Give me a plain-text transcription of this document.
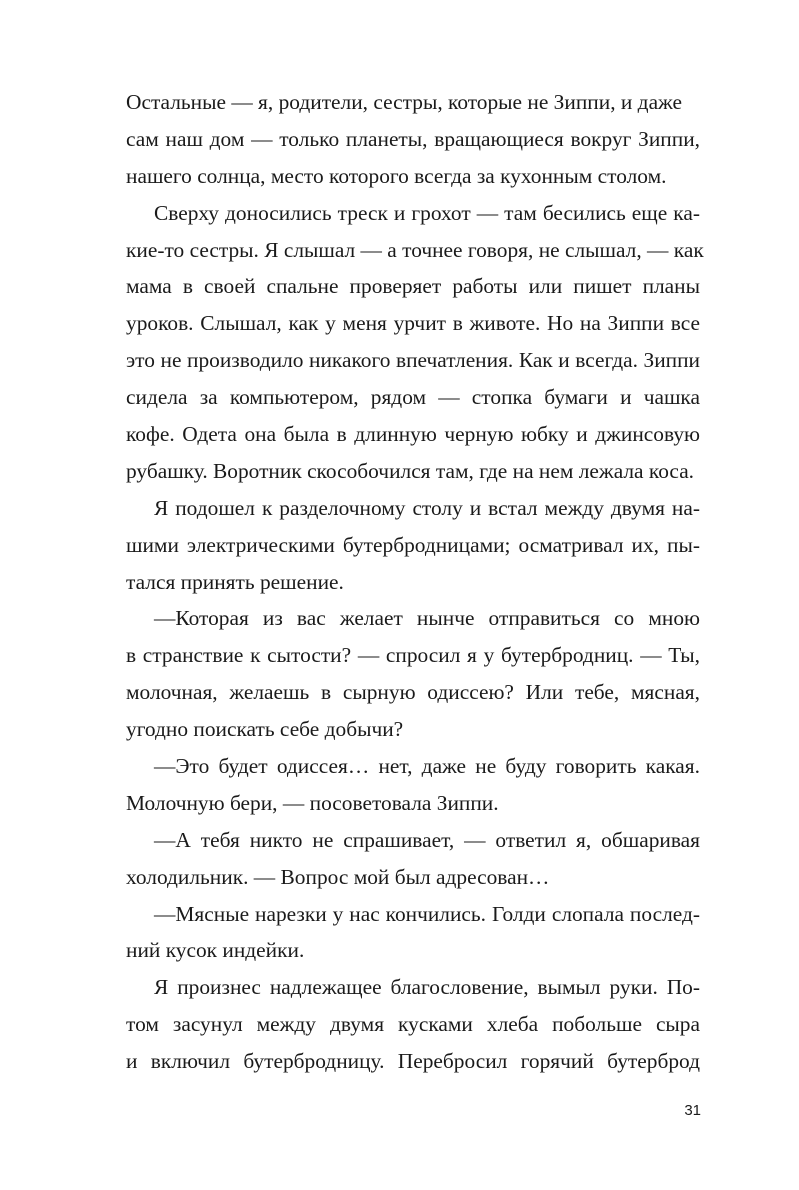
Остальные — я, родители, сестры, которые не Зиппи, и даже
сам наш дом — только планеты, вращающиеся вокруг Зиппи,
нашего солнца, место которого всегда за кухонным столом.
Сверху доносились треск и грохот — там бесились еще ка-
кие-то сестры. Я слышал — а точнее говоря, не слышал, — как
мама в своей спальне проверяет работы или пишет планы
уроков. Слышал, как у меня урчит в животе. Но на Зиппи все
это не производило никакого впечатления. Как и всегда. Зиппи
сидела за компьютером, рядом — стопка бумаги и чашка
кофе. Одета она была в длинную черную юбку и джинсовую
рубашку. Воротник скособочился там, где на нем лежала коса.
Я подошел к разделочному столу и встал между двумя на-
шими электрическими бутербродницами; осматривал их, пы-
тался принять решение.
—Которая из вас желает нынче отправиться со мною
в странствие к сытости? — спросил я у бутербродниц. — Ты,
молочная, желаешь в сырную одиссею? Или тебе, мясная,
угодно поискать себе добычи?
—Это будет одиссея… нет, даже не буду говорить какая.
Молочную бери, — посоветовала Зиппи.
—А тебя никто не спрашивает, — ответил я, обшаривая
холодильник. — Вопрос мой был адресован…
—Мясные нарезки у нас кончились. Голди слопала послед-
ний кусок индейки.
Я произнес надлежащее благословение, вымыл руки. По-
том засунул между двумя кусками хлеба побольше сыра
и включил бутербродницу. Перебросил горячий бутерброд
31
